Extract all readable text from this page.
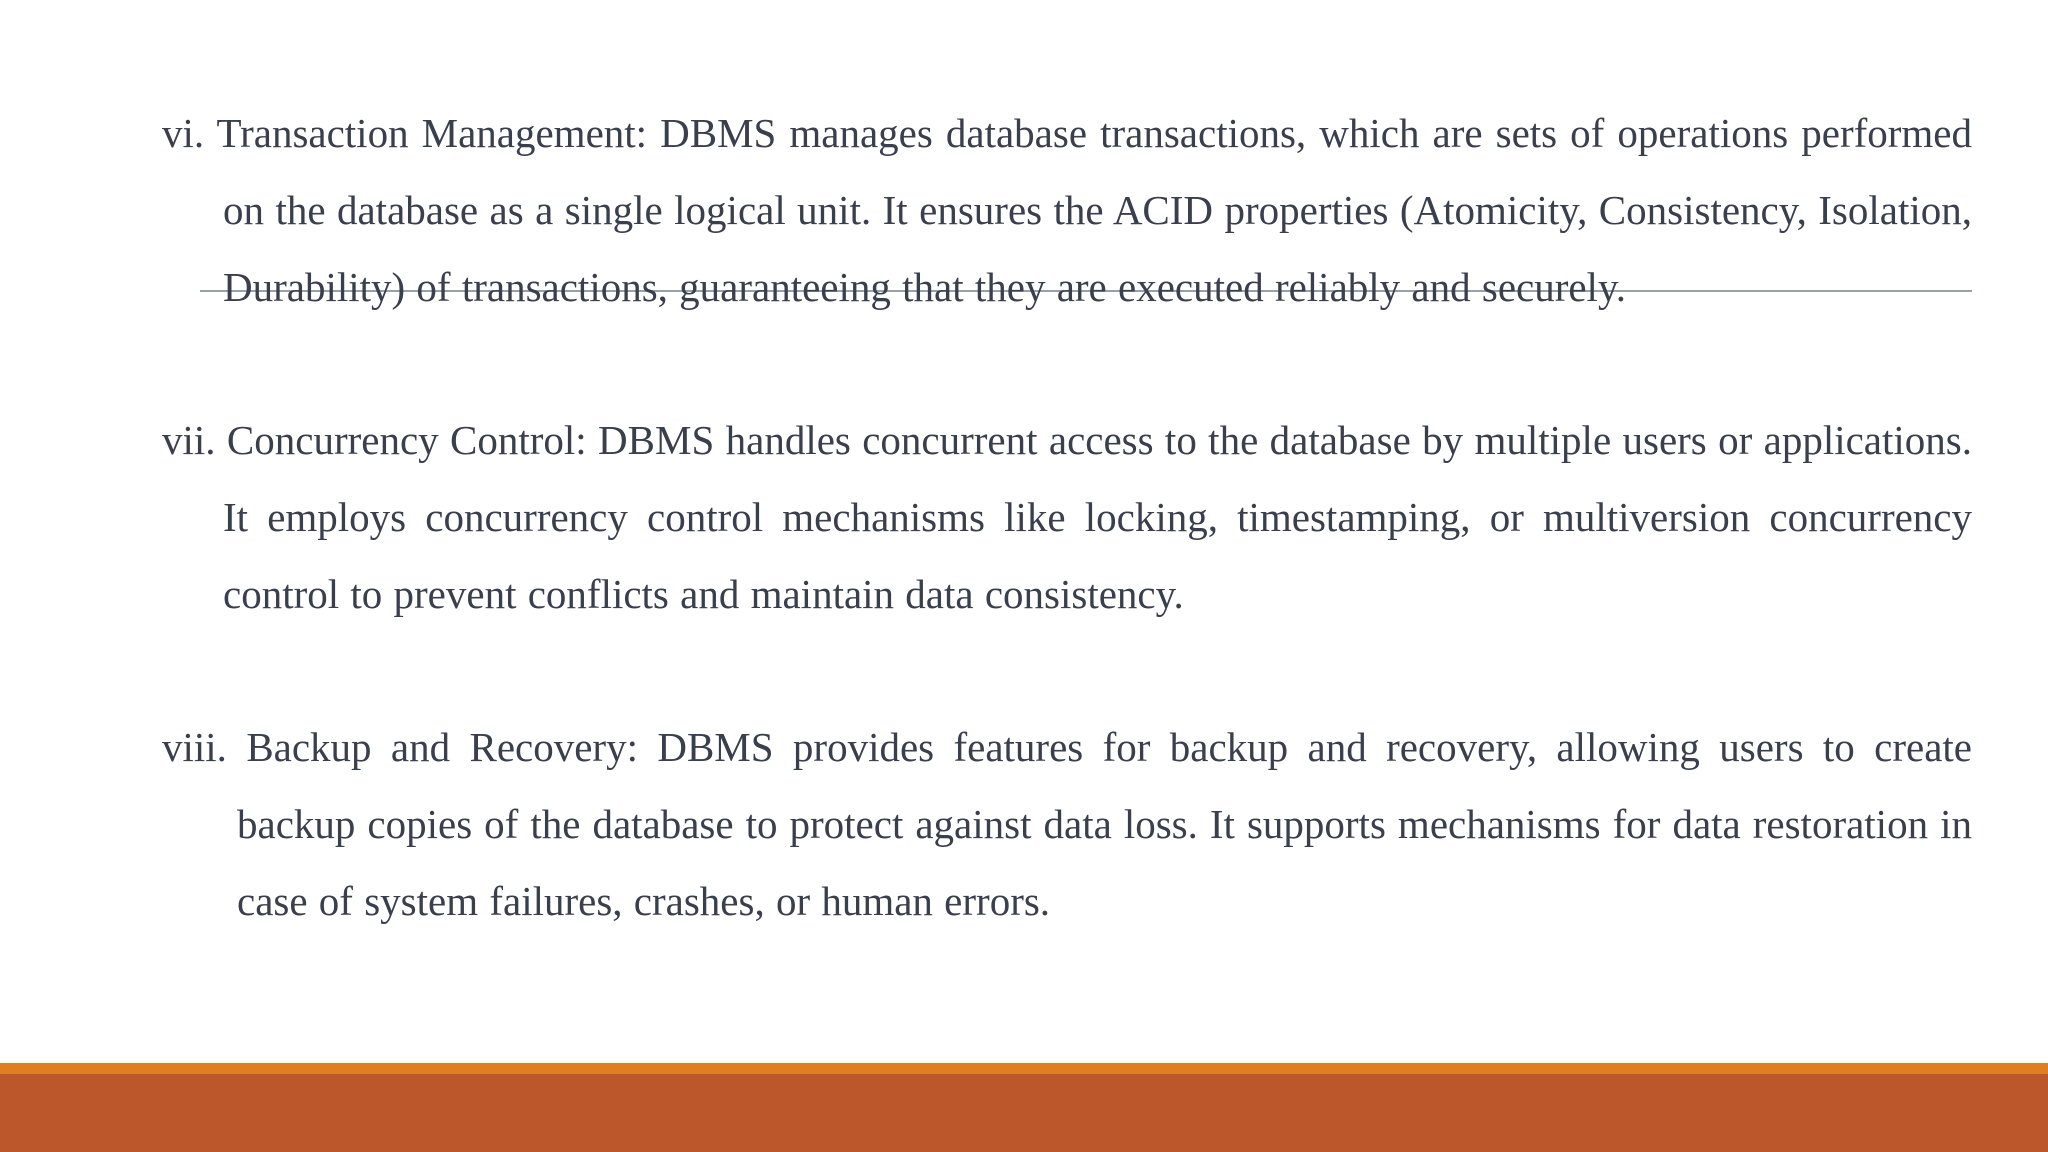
vi. Transaction Management: DBMS manages database transactions, which are sets of operations performed on the database as a single logical unit. It ensures the ACID properties (Atomicity, Consistency, Isolation, Durability) of transactions, guaranteeing that they are executed reliably and securely.

vii. Concurrency Control: DBMS handles concurrent access to the database by multiple users or applications. It employs concurrency control mechanisms like locking, timestamping, or multiversion concurrency control to prevent conflicts and maintain data consistency.

viii. Backup and Recovery: DBMS provides features for backup and recovery, allowing users to create backup copies of the database to protect against data loss. It supports mechanisms for data restoration in case of system failures, crashes, or human errors.
